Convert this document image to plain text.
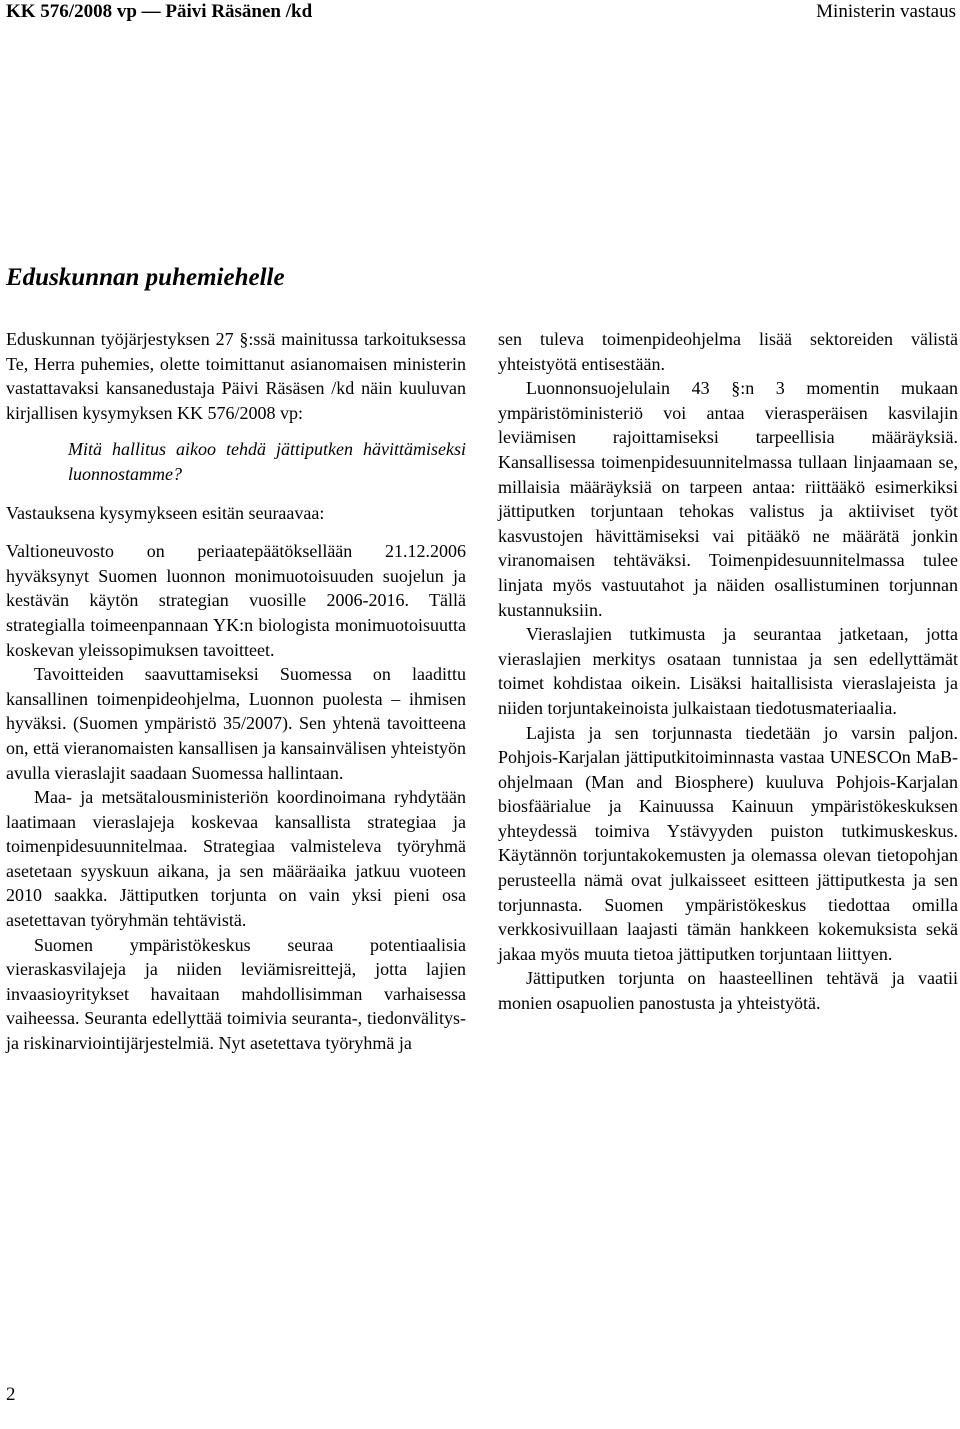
KK 576/2008 vp — Päivi Räsänen /kd	Ministerin vastaus
Eduskunnan puhemiehelle

Eduskunnan työjärjestyksen 27 §:ssä mainitussa tarkoituksessa Te, Herra puhemies, olette toimittanut asianomaisen ministerin vastattavaksi kansanedustaja Päivi Räsäsen /kd näin kuuluvan kirjallisen kysymyksen KK 576/2008 vp:

Mitä hallitus aikoo tehdä jättiputken hävittämiseksi luonnostamme?

Vastauksena kysymykseen esitän seuraavaa:

Valtioneuvosto on periaatepäätöksellään 21.12.2006 hyväksynyt Suomen luonnon monimuotoisuuden suojelun ja kestävän käytön strategian vuosille 2006-2016. Tällä strategialla toimeenpannaan YK:n biologista monimuotoisuutta koskevan yleissopimuksen tavoitteet.

Tavoitteiden saavuttamiseksi Suomessa on laadittu kansallinen toimenpideohjelma, Luonnon puolesta – ihmisen hyväksi. (Suomen ympäristö 35/2007). Sen yhtenä tavoitteena on, että vieranomaisten kansallisen ja kansainvälisen yhteistyön avulla vieraslajit saadaan Suomessa hallintaan.

Maa- ja metsätalousministeriön koordinoimana ryhdytään laatimaan vieraslajeja koskevaa kansallista strategiaa ja toimenpidesuunnitelmaa. Strategiaa valmisteleva työryhmä asetetaan syyskuun aikana, ja sen määräaika jatkuu vuoteen 2010 saakka. Jättiputken torjunta on vain yksi pieni osa asetettavan työryhmän tehtävistä.

Suomen ympäristökeskus seuraa potentiaalisia vieraskasvilajeja ja niiden leviämisreittejä, jotta lajien invaasioyritykset havaitaan mahdollisimman varhaisessa vaiheessa. Seuranta edellyttää toimivia seuranta-, tiedonvälitys- ja riskinarviointijärjestelmiä. Nyt asetettava työryhmä ja

sen tuleva toimenpideohjelma lisää sektoreiden välistä yhteistyötä entisestään.

Luonnonsuojelulain 43 §:n 3 momentin mukaan ympäristöministeriö voi antaa vierasperäisen kasvilajin leviämisen rajoittamiseksi tarpeellisia määräyksiä. Kansallisessa toimenpidesuunnitelmassa tullaan linjaamaan se, millaisia määräyksiä on tarpeen antaa: riittääkö esimerkiksi jättiputken torjuntaan tehokas valistus ja aktiiviset työt kasvustojen hävittämiseksi vai pitääkö ne määrätä jonkin viranomaisen tehtäväksi. Toimenpidesuunnitelmassa tulee linjata myös vastuutahot ja näiden osallistuminen torjunnan kustannuksiin.

Vieraslajien tutkimusta ja seurantaa jatketaan, jotta vieraslajien merkitys osataan tunnistaa ja sen edellyttämät toimet kohdistaa oikein. Lisäksi haitallisista vieraslajeista ja niiden torjuntakeinoista julkaistaan tiedotusmateriaalia.

Lajista ja sen torjunnasta tiedetään jo varsin paljon. Pohjois-Karjalan jättiputkitoiminnasta vastaa UNESCOn MaB-ohjelmaan (Man and Biosphere) kuuluva Pohjois-Karjalan biosfäärialue ja Kainuussa Kainuun ympäristökeskuksen yhteydessä toimiva Ystävyyden puiston tutkimuskeskus. Käytännön torjuntakokemusten ja olemassa olevan tietopohjan perusteella nämä ovat julkaisseet esitteen jättiputkesta ja sen torjunnasta. Suomen ympäristökeskus tiedottaa omilla verkkosivuillaan laajasti tämän hankkeen kokemuksista sekä jakaa myös muuta tietoa jättiputken torjuntaan liittyen.

Jättiputken torjunta on haasteellinen tehtävä ja vaatii monien osapuolien panostusta ja yhteistyötä.

2
